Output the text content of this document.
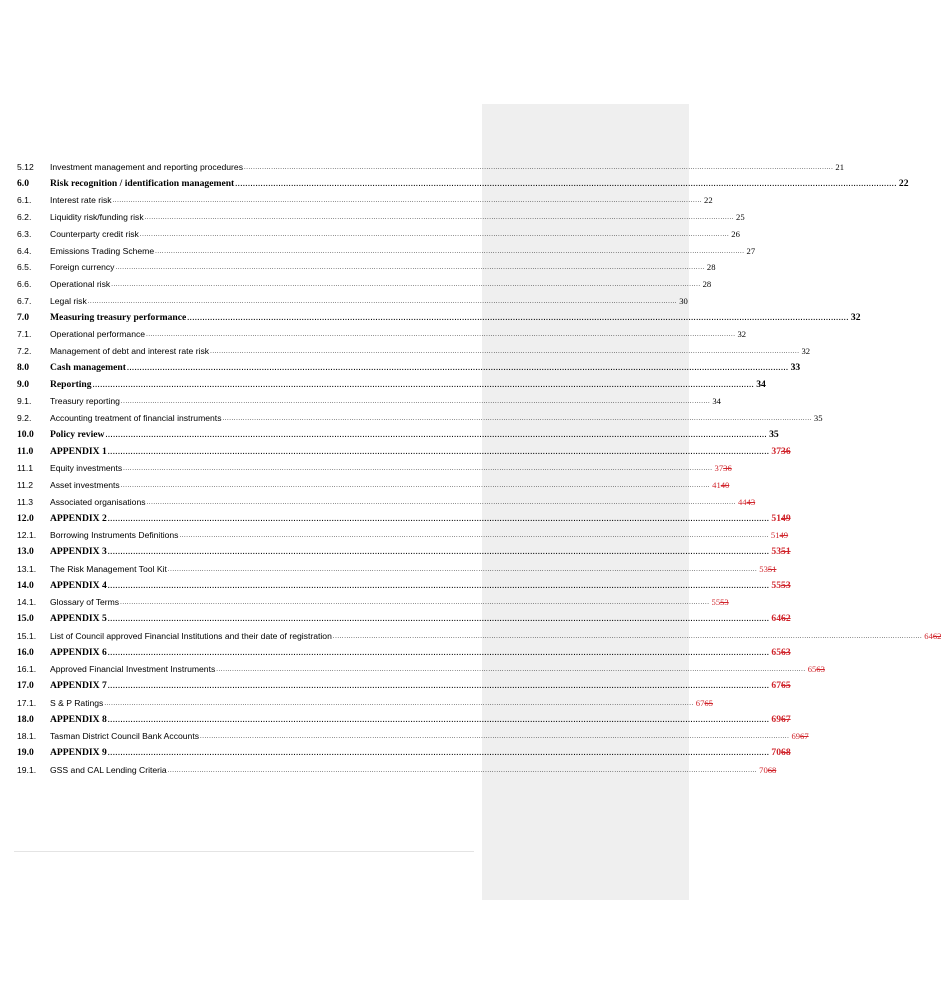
5.12	Investment management and reporting procedures .................................................................................................................................................................................................................................................................... 21
6.0	Risk recognition / identification management .................................................................................................................................................................................................................................................................... 22
6.1.	Interest rate risk .................................................................................................................................................................................................................................................................... 22
6.2.	Liquidity risk/funding risk .................................................................................................................................................................................................................................................................... 25
6.3.	Counterparty credit risk .................................................................................................................................................................................................................................................................... 26
6.4.	Emissions Trading Scheme .................................................................................................................................................................................................................................................................... 27
6.5.	Foreign currency .................................................................................................................................................................................................................................................................... 28
6.6.	Operational risk .................................................................................................................................................................................................................................................................... 28
6.7.	Legal risk .................................................................................................................................................................................................................................................................... 30
7.0	Measuring treasury performance .................................................................................................................................................................................................................................................................... 32
7.1.	Operational performance .................................................................................................................................................................................................................................................................... 32
7.2.	Management of debt and interest rate risk .................................................................................................................................................................................................................................................................... 32
8.0	Cash management .................................................................................................................................................................................................................................................................... 33
9.0	Reporting .................................................................................................................................................................................................................................................................... 34
9.1.	Treasury reporting .................................................................................................................................................................................................................................................................... 34
9.2.	Accounting treatment of financial instruments .................................................................................................................................................................................................................................................................... 35
10.0	Policy review .................................................................................................................................................................................................................................................................... 35
11.0	APPENDIX 1 .................................................................................................................................................................................................................................................................... 3736
11.1	Equity investments .................................................................................................................................................................................................................................................................... 3736
11.2	Asset investments .................................................................................................................................................................................................................................................................... 4140
11.3	Associated organisations .................................................................................................................................................................................................................................................................... 4443
12.0	APPENDIX 2 .................................................................................................................................................................................................................................................................... 5149
12.1.	Borrowing Instruments Definitions .................................................................................................................................................................................................................................................................... 5149
13.0	APPENDIX 3 .................................................................................................................................................................................................................................................................... 5351
13.1.	The Risk Management Tool Kit .................................................................................................................................................................................................................................................................... 5351
14.0	APPENDIX 4 .................................................................................................................................................................................................................................................................... 5553
14.1.	Glossary of Terms .................................................................................................................................................................................................................................................................... 5553
15.0	APPENDIX 5 .................................................................................................................................................................................................................................................................... 6462
15.1.	List of Council approved Financial Institutions and their date of registration .................................................................................................................................................................................................................................................................... 6462
16.0	APPENDIX 6 .................................................................................................................................................................................................................................................................... 6563
16.1.	Approved Financial Investment Instruments .................................................................................................................................................................................................................................................................... 6563
17.0	APPENDIX 7 .................................................................................................................................................................................................................................................................... 6765
17.1.	S & P Ratings .................................................................................................................................................................................................................................................................... 6765
18.0	APPENDIX 8 .................................................................................................................................................................................................................................................................... 6967
18.1.	Tasman District Council Bank Accounts .................................................................................................................................................................................................................................................................... 6967
19.0	APPENDIX 9 .................................................................................................................................................................................................................................................................... 7068
19.1.	GSS and CAL Lending Criteria .................................................................................................................................................................................................................................................................... 7068
